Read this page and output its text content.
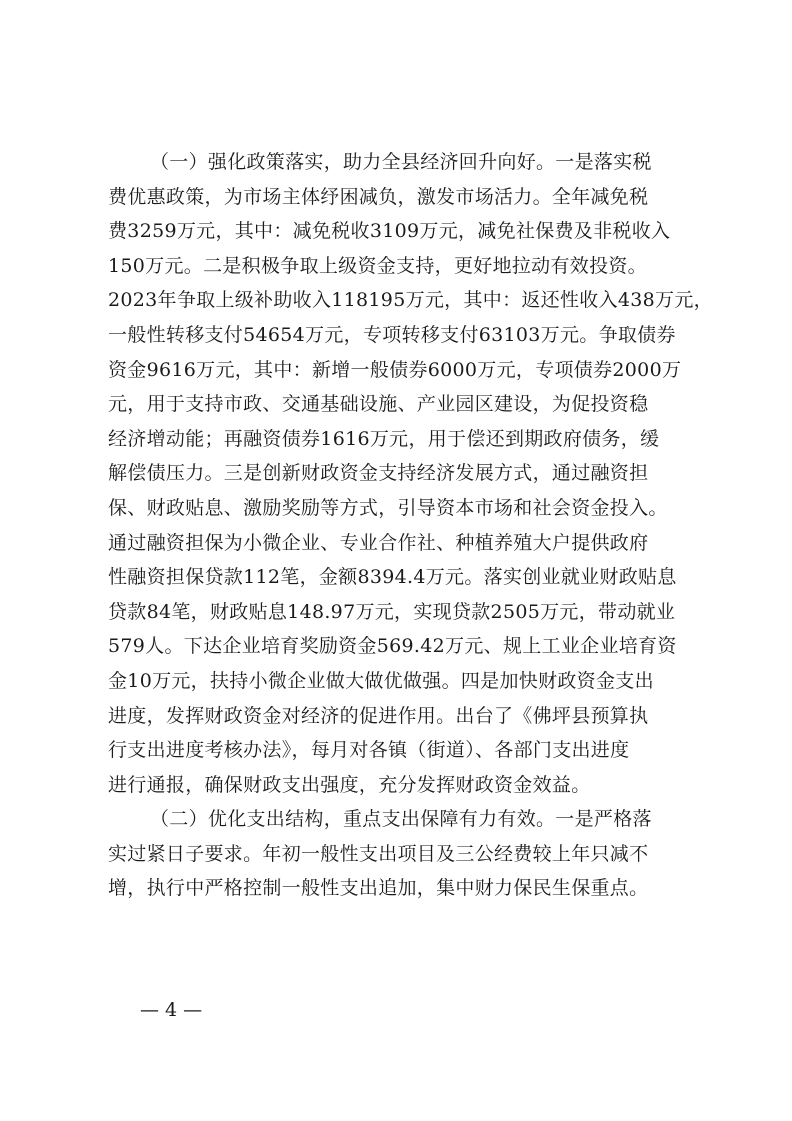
（一）强化政策落实，助力全县经济回升向好。一是落实税
费优惠政策，为市场主体纾困减负，激发市场活力。全年减免税
费3259万元，其中：减免税收3109万元，减免社保费及非税收入
150万元。二是积极争取上级资金支持，更好地拉动有效投资。
2023年争取上级补助收入118195万元，其中：返还性收入438万元，
一般性转移支付54654万元，专项转移支付63103万元。争取债券
资金9616万元，其中：新增一般债券6000万元，专项债券2000万
元，用于支持市政、交通基础设施、产业园区建设，为促投资稳
经济增动能；再融资债券1616万元，用于偿还到期政府债务，缓
解偿债压力。三是创新财政资金支持经济发展方式，通过融资担
保、财政贴息、激励奖励等方式，引导资本市场和社会资金投入。
通过融资担保为小微企业、专业合作社、种植养殖大户提供政府
性融资担保贷款112笔，金额8394.4万元。落实创业就业财政贴息
贷款84笔，财政贴息148.97万元，实现贷款2505万元，带动就业
579人。下达企业培育奖励资金569.42万元、规上工业企业培育资
金10万元，扶持小微企业做大做优做强。四是加快财政资金支出
进度，发挥财政资金对经济的促进作用。出台了《佛坪县预算执
行支出进度考核办法》，每月对各镇（街道）、各部门支出进度
进行通报，确保财政支出强度，充分发挥财政资金效益。
（二）优化支出结构，重点支出保障有力有效。一是严格落
实过紧日子要求。年初一般性支出项目及三公经费较上年只减不
增，执行中严格控制一般性支出追加，集中财力保民生保重点。
— 4 —
